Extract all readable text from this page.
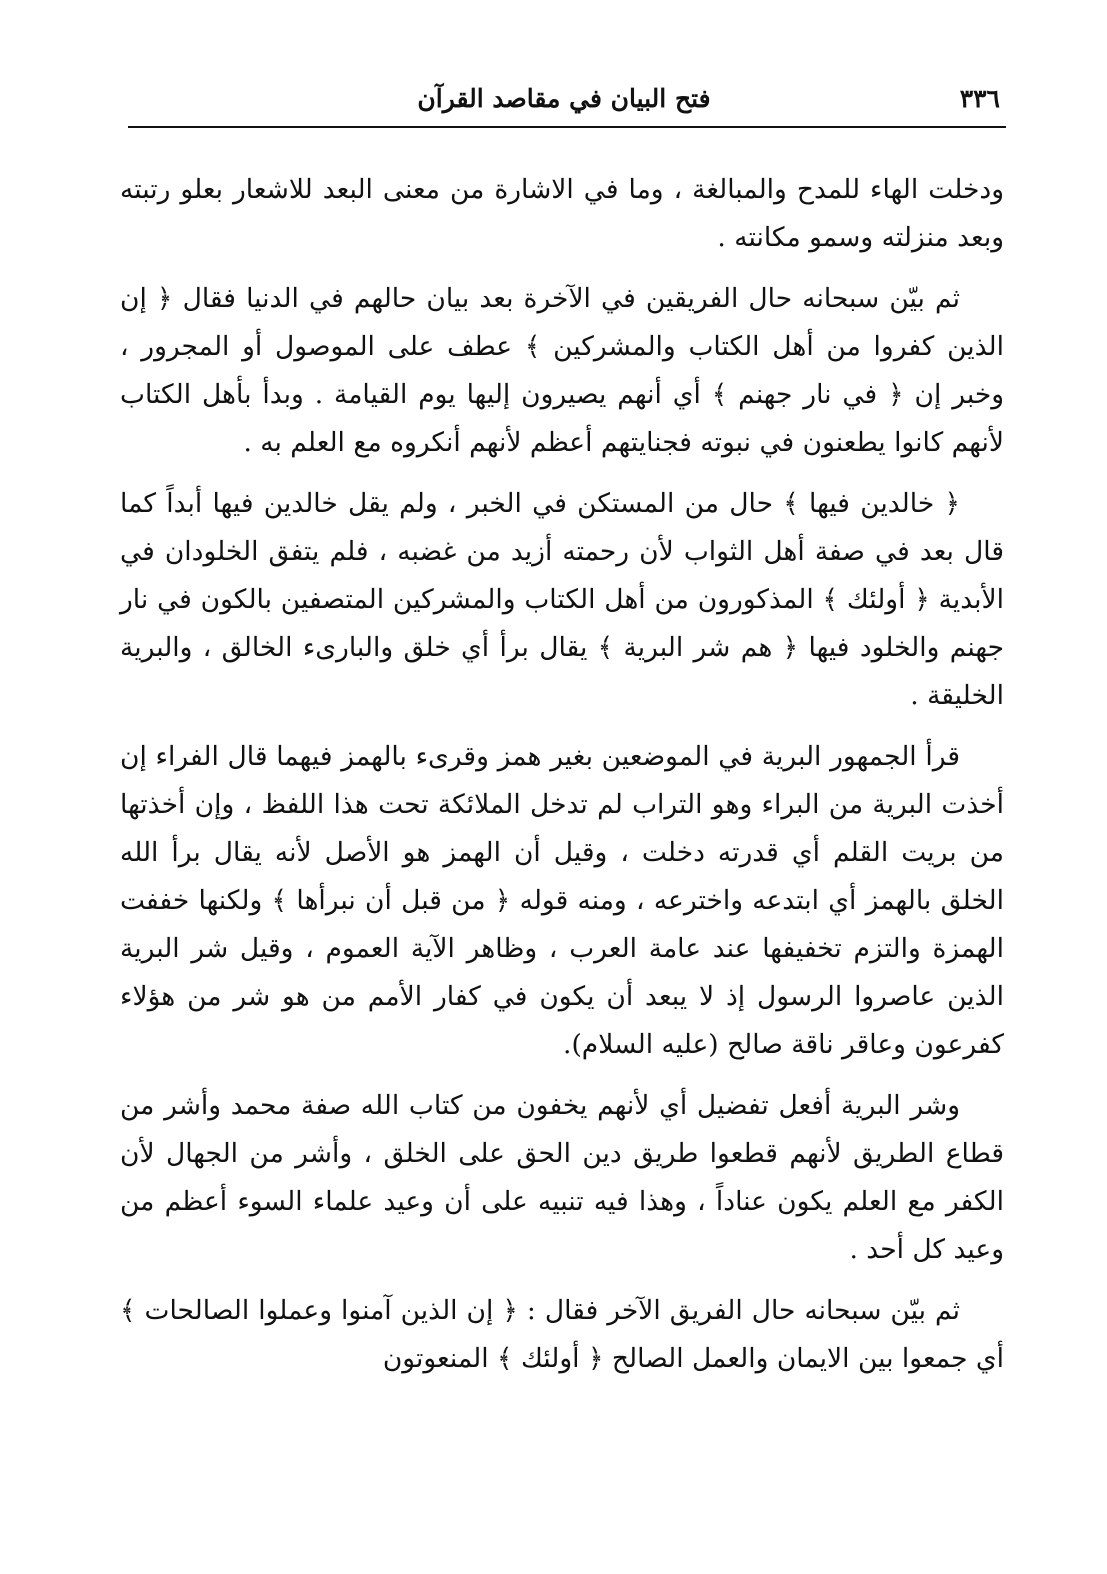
٣٣٦
فتح البيان في مقاصد القرآن

ودخلت الهاء للمدح والمبالغة ، وما في الاشارة من معنى البعد للاشعار بعلو رتبته وبعد منزلته وسمو مكانته .

ثم بيّن سبحانه حال الفريقين في الآخرة بعد بيان حالهم في الدنيا فقال ﴿ إن الذين كفروا من أهل الكتاب والمشركين ﴾ عطف على الموصول أو المجرور ، وخبر إن ﴿ في نار جهنم ﴾ أي أنهم يصيرون إليها يوم القيامة . وبدأ بأهل الكتاب لأنهم كانوا يطعنون في نبوته فجنايتهم أعظم لأنهم أنكروه مع العلم به .

﴿ خالدين فيها ﴾ حال من المستكن في الخبر ، ولم يقل خالدين فيها أبداً كما قال بعد في صفة أهل الثواب لأن رحمته أزيد من غضبه ، فلم يتفق الخلودان في الأبدية ﴿ أولئك ﴾ المذكورون من أهل الكتاب والمشركين المتصفين بالكون في نار جهنم والخلود فيها ﴿ هم شر البرية ﴾ يقال برأ أي خلق والبارىء الخالق ، والبرية الخليقة .

قرأ الجمهور البرية في الموضعين بغير همز وقرىء بالهمز فيهما قال الفراء إن أخذت البرية من البراء وهو التراب لم تدخل الملائكة تحت هذا اللفظ ، وإن أخذتها من بريت القلم أي قدرته دخلت ، وقيل أن الهمز هو الأصل لأنه يقال برأ الله الخلق بالهمز أي ابتدعه واخترعه ، ومنه قوله ﴿ من قبل أن نبرأها ﴾ ولكنها خففت الهمزة والتزم تخفيفها عند عامة العرب ، وظاهر الآية العموم ، وقيل شر البرية الذين عاصروا الرسول إذ لا يبعد أن يكون في كفار الأمم من هو شر من هؤلاء كفرعون وعاقر ناقة صالح (عليه السلام).

وشر البرية أفعل تفضيل أي لأنهم يخفون من كتاب الله صفة محمد وأشر من قطاع الطريق لأنهم قطعوا طريق دين الحق على الخلق ، وأشر من الجهال لأن الكفر مع العلم يكون عناداً ، وهذا فيه تنبيه على أن وعيد علماء السوء أعظم من وعيد كل أحد .

ثم بيّن سبحانه حال الفريق الآخر فقال : ﴿ إن الذين آمنوا وعملوا الصالحات ﴾ أي جمعوا بين الايمان والعمل الصالح ﴿ أولئك ﴾ المنعوتون
